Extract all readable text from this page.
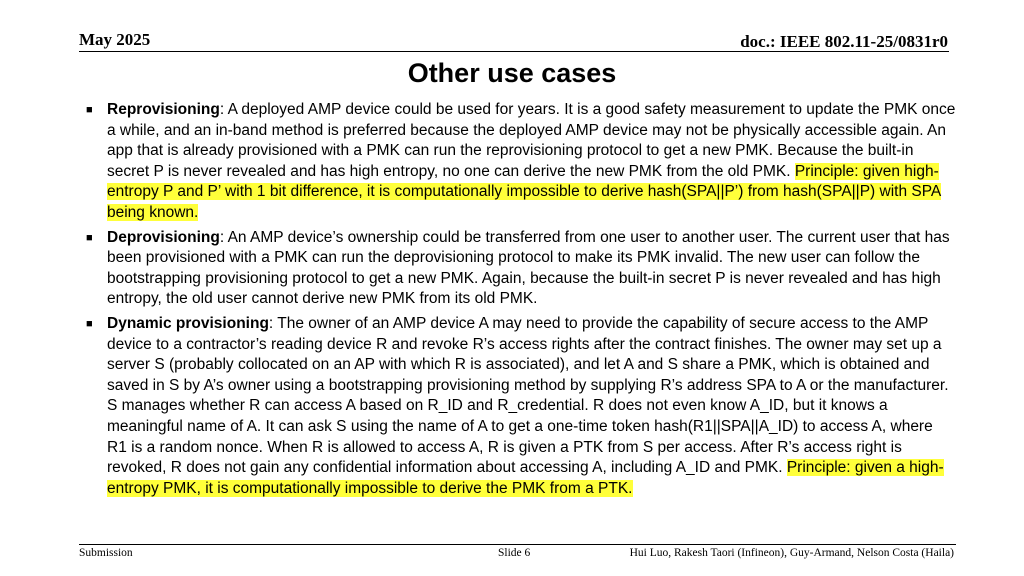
May 2025	doc.: IEEE 802.11-25/0831r0
Other use cases
■ Reprovisioning: A deployed AMP device could be used for years. It is a good safety measurement to update the PMK once a while, and an in-band method is preferred because the deployed AMP device may not be physically accessible again. An app that is already provisioned with a PMK can run the reprovisioning protocol to get a new PMK. Because the built-in secret P is never revealed and has high entropy, no one can derive the new PMK from the old PMK. Principle: given high-entropy P and P’ with 1 bit difference, it is computationally impossible to derive hash(SPA||P’) from hash(SPA||P) with SPA being known.
■ Deprovisioning: An AMP device’s ownership could be transferred from one user to another user. The current user that has been provisioned with a PMK can run the deprovisioning protocol to make its PMK invalid. The new user can follow the bootstrapping provisioning protocol to get a new PMK. Again, because the built-in secret P is never revealed and has high entropy, the old user cannot derive new PMK from its old PMK.
■ Dynamic provisioning: The owner of an AMP device A may need to provide the capability of secure access to the AMP device to a contractor’s reading device R and revoke R’s access rights after the contract finishes. The owner may set up a server S (probably collocated on an AP with which R is associated), and let A and S share a PMK, which is obtained and saved in S by A’s owner using a bootstrapping provisioning method by supplying R’s address SPA to A or the manufacturer. S manages whether R can access A based on R_ID and R_credential. R does not even know A_ID, but it knows a meaningful name of A. It can ask S using the name of A to get a one-time token hash(R1||SPA||A_ID) to access A, where R1 is a random nonce. When R is allowed to access A, R is given a PTK from S per access. After R’s access right is revoked, R does not gain any confidential information about accessing A, including A_ID and PMK. Principle: given a high-entropy PMK, it is computationally impossible to derive the PMK from a PTK.
Submission	Slide 6	Hui Luo, Rakesh Taori (Infineon), Guy-Armand, Nelson Costa (Haila)
